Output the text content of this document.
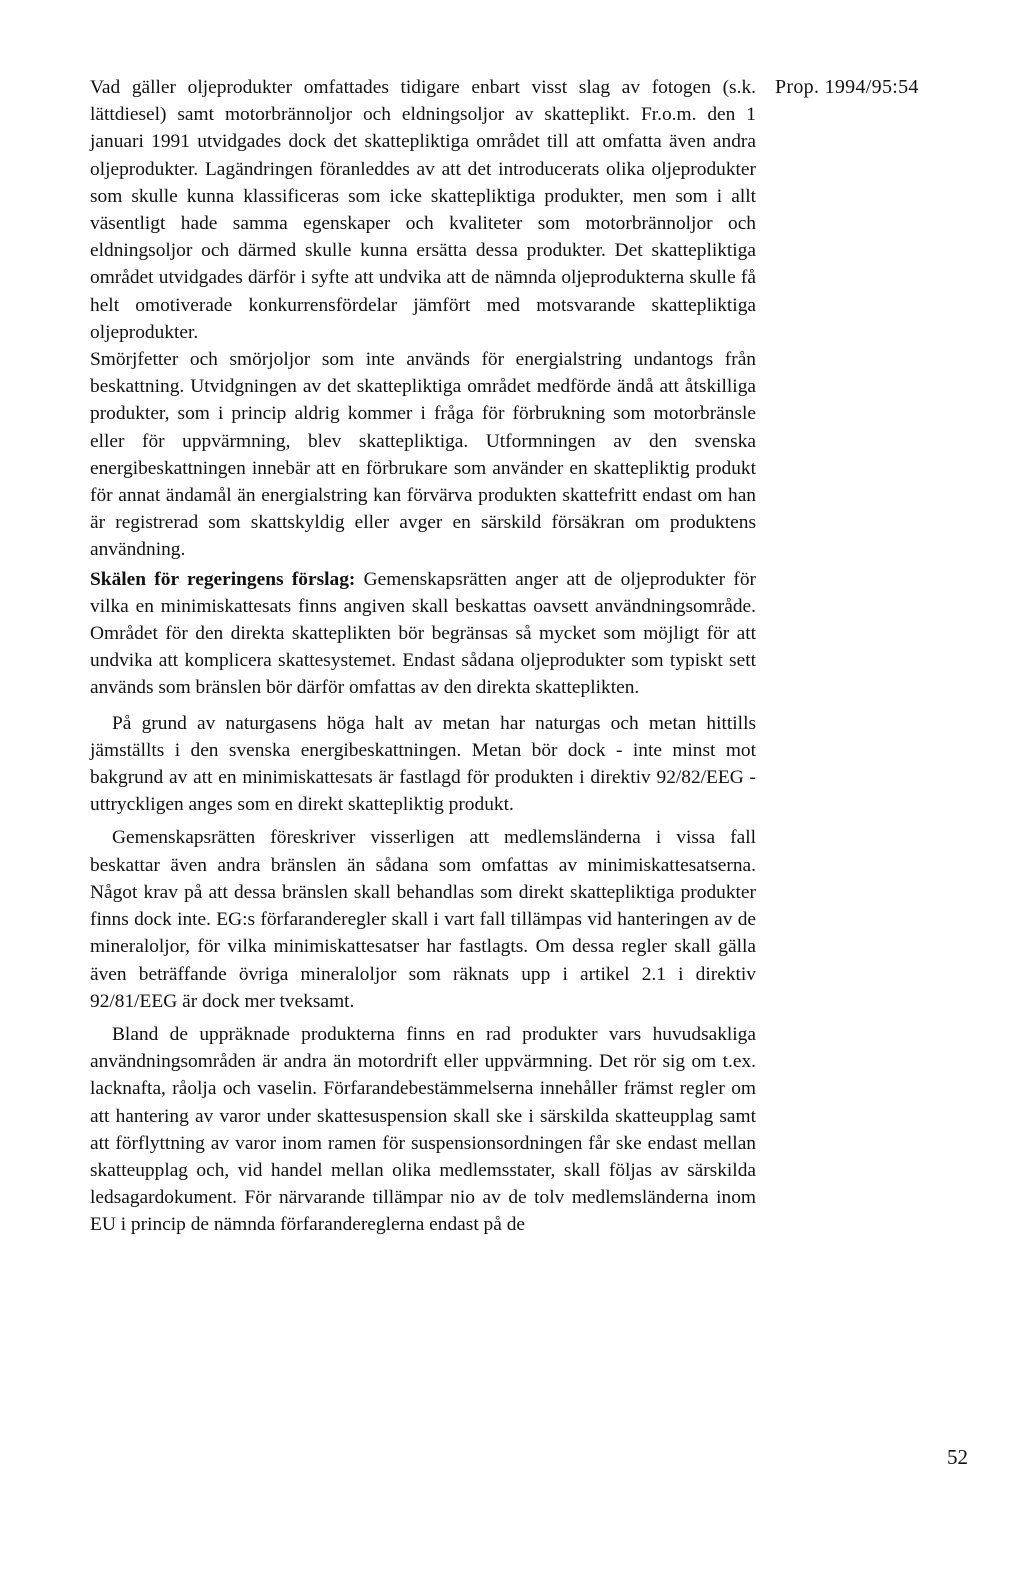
Prop. 1994/95:54

Vad gäller oljeprodukter omfattades tidigare enbart visst slag av fotogen (s.k. lättdiesel) samt motorbrännoljor och eldningsoljor av skatteplikt. Fr.o.m. den 1 januari 1991 utvidgades dock det skattepliktiga området till att omfatta även andra oljeprodukter. Lagändringen föranleddes av att det introducerats olika oljeprodukter som skulle kunna klassificeras som icke skattepliktiga produkter, men som i allt väsentligt hade samma egenskaper och kvaliteter som motorbrännoljor och eldningsoljor och därmed skulle kunna ersätta dessa produkter. Det skattepliktiga området utvidgades därför i syfte att undvika att de nämnda oljeprodukterna skulle få helt omotiverade konkurrensfördelar jämfört med motsvarande skattepliktiga oljeprodukter.

Smörjfetter och smörjoljor som inte används för energialstring undantogs från beskattning. Utvidgningen av det skattepliktiga området medförde ändå att åtskilliga produkter, som i princip aldrig kommer i fråga för förbrukning som motorbränsle eller för uppvärmning, blev skattepliktiga. Utformningen av den svenska energibeskattningen innebär att en förbrukare som använder en skattepliktig produkt för annat ändamål än energialstring kan förvärva produkten skattefritt endast om han är registrerad som skattskyldig eller avger en särskild försäkran om produktens användning.

Skälen för regeringens förslag: Gemenskapsrätten anger att de oljeprodukter för vilka en minimiskattesats finns angiven skall beskattas oavsett användningsområde. Området för den direkta skatteplikten bör begränsas så mycket som möjligt för att undvika att komplicera skattesystemet. Endast sådana oljeprodukter som typiskt sett används som bränslen bör därför omfattas av den direkta skatteplikten.

På grund av naturgasens höga halt av metan har naturgas och metan hittills jämställts i den svenska energibeskattningen. Metan bör dock - inte minst mot bakgrund av att en minimiskattesats är fastlagd för produkten i direktiv 92/82/EEG - uttryckligen anges som en direkt skattepliktig produkt.

Gemenskapsrätten föreskriver visserligen att medlemsländerna i vissa fall beskattar även andra bränslen än sådana som omfattas av minimiskattesatserna. Något krav på att dessa bränslen skall behandlas som direkt skattepliktiga produkter finns dock inte. EG:s förfaranderegler skall i vart fall tillämpas vid hanteringen av de mineraloljor, för vilka minimiskattesatser har fastlagts. Om dessa regler skall gälla även beträffande övriga mineraloljor som räknats upp i artikel 2.1 i direktiv 92/81/EEG är dock mer tveksamt.

Bland de uppräknade produkterna finns en rad produkter vars huvudsakliga användningsområden är andra än motordrift eller uppvärmning. Det rör sig om t.ex. lacknafta, råolja och vaselin. Förfarandebestämmelserna innehåller främst regler om att hantering av varor under skattesuspension skall ske i särskilda skatteupplag samt att förflyttning av varor inom ramen för suspensionsordningen får ske endast mellan skatteupplag och, vid handel mellan olika medlemsstater, skall följas av särskilda ledsagardokument. För närvarande tillämpar nio av de tolv medlemsländerna inom EU i princip de nämnda förfarandereglerna endast på de

52
